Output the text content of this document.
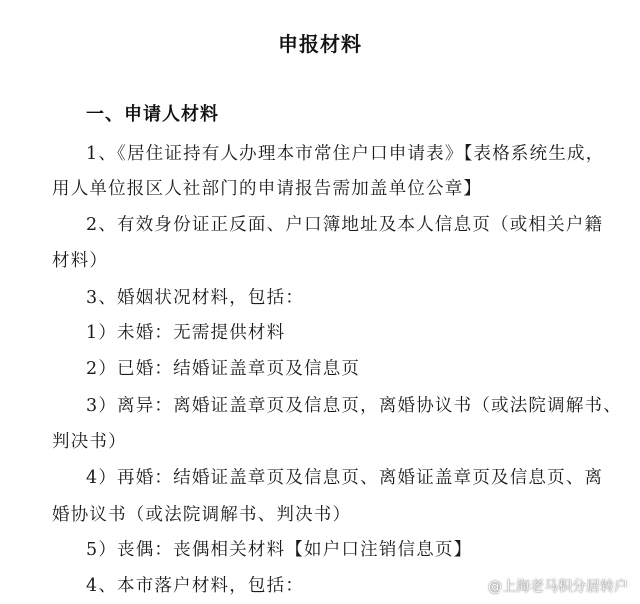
申报材料
一、申请人材料
1、《居住证持有人办理本市常住户口申请表》【表格系统生成，
用人单位报区人社部门的申请报告需加盖单位公章】
2、有效身份证正反面、户口簿地址及本人信息页（或相关户籍
材料）
3、婚姻状况材料，包括：
1）未婚：无需提供材料
2）已婚：结婚证盖章页及信息页
3）离异：离婚证盖章页及信息页，离婚协议书（或法院调解书、
判决书）
4）再婚：结婚证盖章页及信息页、离婚证盖章页及信息页、离
婚协议书（或法院调解书、判决书）
5）丧偶：丧偶相关材料【如户口注销信息页】
4、本市落户材料，包括：	@上海老马积分居转户
